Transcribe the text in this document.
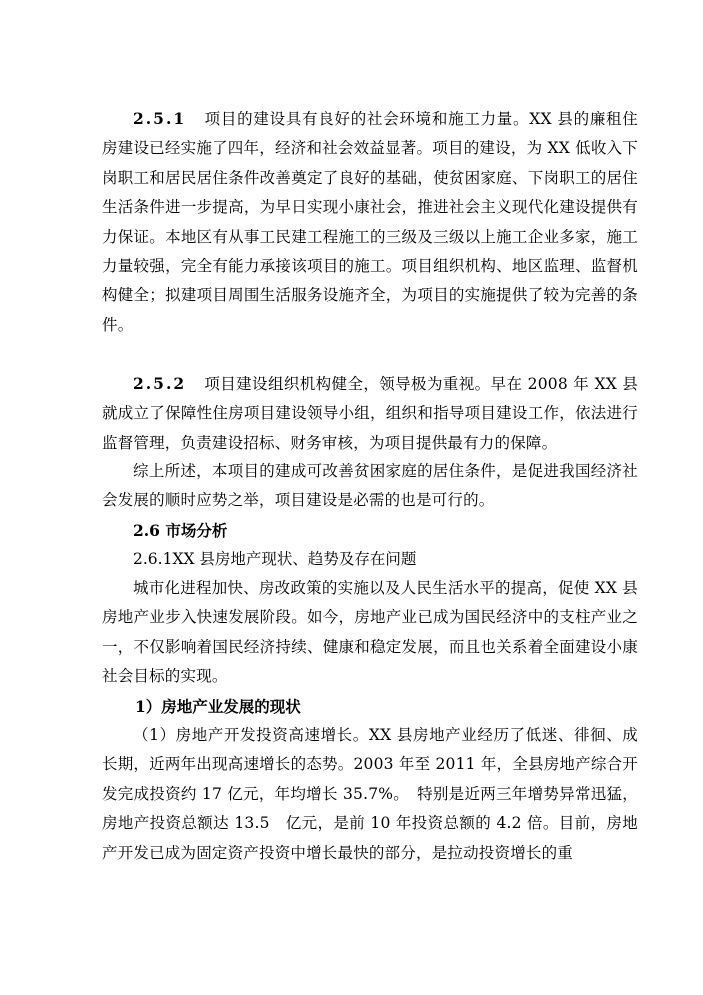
2.5.1 项目的建设具有良好的社会环境和施工力量。XX 县的廉租住房建设已经实施了四年，经济和社会效益显著。项目的建设，为 XX 低收入下岗职工和居民居住条件改善奠定了良好的基础，使贫困家庭、下岗职工的居住生活条件进一步提高，为早日实现小康社会，推进社会主义现代化建设提供有力保证。本地区有从事工民建工程施工的三级及三级以上施工企业多家，施工力量较强，完全有能力承接该项目的施工。项目组织机构、地区监理、监督机构健全；拟建项目周围生活服务设施齐全，为项目的实施提供了较为完善的条件。

2.5.2 项目建设组织机构健全，领导极为重视。早在 2008 年 XX 县就成立了保障性住房项目建设领导小组，组织和指导项目建设工作，依法进行监督管理，负责建设招标、财务审核，为项目提供最有力的保障。

综上所述，本项目的建成可改善贫困家庭的居住条件，是促进我国经济社会发展的顺时应势之举，项目建设是必需的也是可行的。

2.6 市场分析

2.6.1XX 县房地产现状、趋势及存在问题

城市化进程加快、房改政策的实施以及人民生活水平的提高，促使 XX 县房地产业步入快速发展阶段。如今，房地产业已成为国民经济中的支柱产业之一，不仅影响着国民经济持续、健康和稳定发展，而且也关系着全面建设小康社会目标的实现。

1）房地产业发展的现状

（1）房地产开发投资高速增长。XX 县房地产业经历了低迷、徘徊、成长期，近两年出现高速增长的态势。2003 年至 2011 年，全县房地产综合开发完成投资约 17 亿元，年均增长 35.7%。　特别是近两三年增势异常迅猛，房地产投资总额达 13.5　亿元，是前 10 年投资总额的 4.2 倍。目前，房地产开发已成为固定资产投资中增长最快的部分，是拉动投资增长的重
